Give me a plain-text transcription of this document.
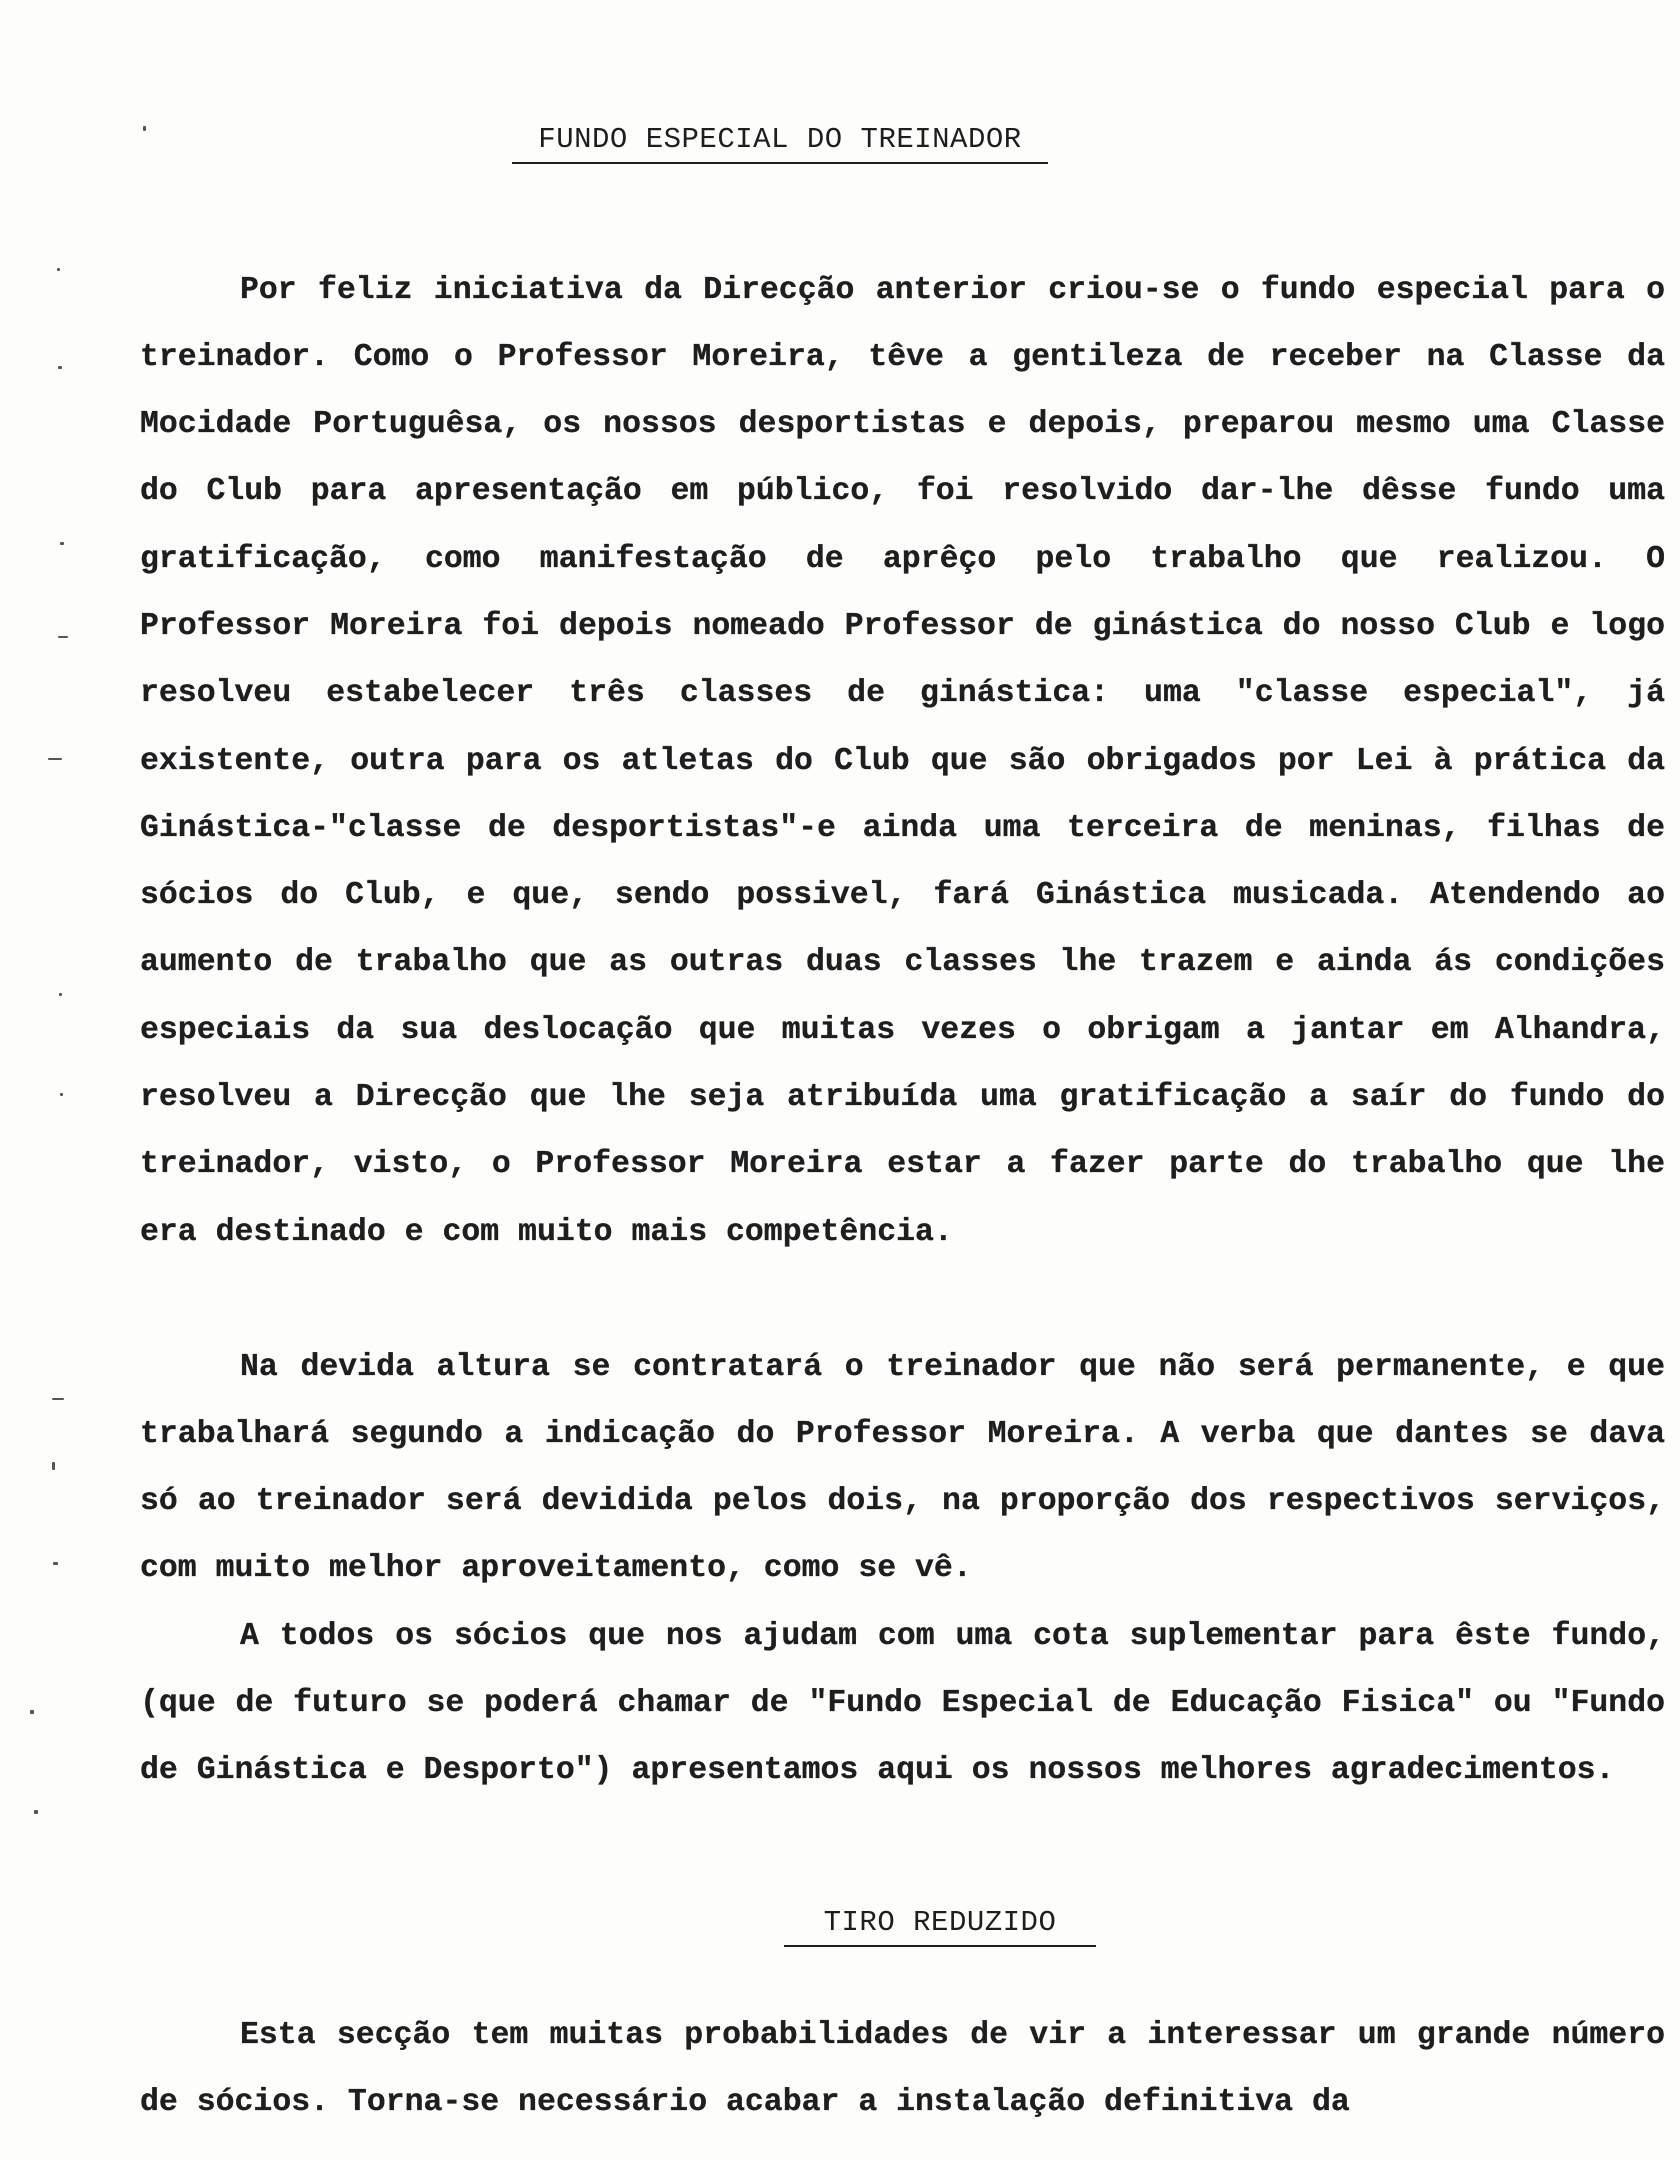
FUNDO ESPECIAL DO TREINADOR

Por feliz iniciativa da Direcção anterior criou-se o fundo especial para o treinador. Como o Professor Moreira, têve a gentileza de receber na Classe da Mocidade Portuguêsa, os nossos desportistas e depois, preparou mesmo uma Classe do Club para apresentação em público, foi resolvido dar-lhe dêsse fundo uma gratificação, como manifestação de aprêço pelo trabalho que realizou. O Professor Moreira foi depois nomeado Professor de ginástica do nosso Club e logo resolveu estabelecer três classes de ginástica: uma "classe especial", já existente, outra para os atletas do Club que são obrigados por Lei à prática da Ginástica-"classe de desportistas"-e ainda uma terceira de meninas, filhas de sócios do Club, e que, sendo possivel, fará Ginástica musicada. Atendendo ao aumento de trabalho que as outras duas classes lhe trazem e ainda ás condições especiais da sua deslocação que muitas vezes o obrigam a jantar em Alhandra, resolveu a Direcção que lhe seja atribuída uma gratificação a saír do fundo do treinador, visto, o Professor Moreira estar a fazer parte do trabalho que lhe era destinado e com muito mais competência.

Na devida altura se contratará o treinador que não será permanente, e que trabalhará segundo a indicação do Professor Moreira. A verba que dantes se dava só ao treinador será devidida pelos dois, na proporção dos respectivos serviços, com muito melhor aproveitamento, como se vê.

A todos os sócios que nos ajudam com uma cota suplementar para êste fundo, (que de futuro se poderá chamar de "Fundo Especial de Educação Fisica" ou "Fundo de Ginástica e Desporto") apresentamos aqui os nossos melhores agradecimentos.

TIRO REDUZIDO

Esta secção tem muitas probabilidades de vir a interessar um grande número de sócios. Torna-se necessário acabar a instalação definitiva da
